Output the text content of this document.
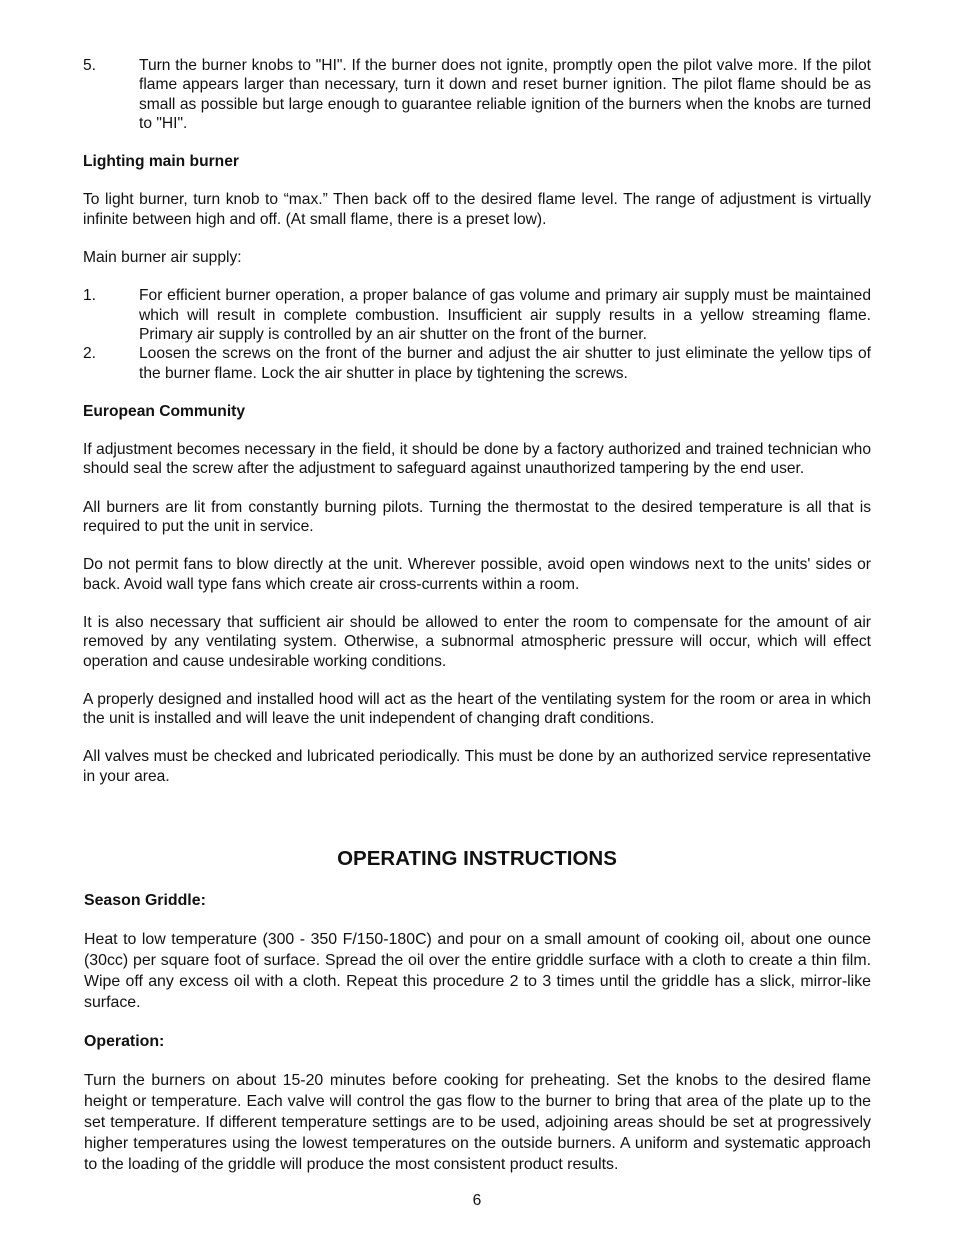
5.	Turn the burner knobs to "HI". If the burner does not ignite, promptly open the pilot valve more. If the pilot flame appears larger than necessary, turn it down and reset burner ignition. The pilot flame should be as small as possible but large enough to guarantee reliable ignition of the burners when the knobs are turned to "HI".

Lighting main burner

To light burner, turn knob to “max.” Then back off to the desired flame level. The range of adjustment is virtually infinite between high and off. (At small flame, there is a preset low).

Main burner air supply:

1.	For efficient burner operation, a proper balance of gas volume and primary air supply must be maintained which will result in complete combustion. Insufficient air supply results in a yellow streaming flame. Primary air supply is controlled by an air shutter on the front of the burner.
2.	Loosen the screws on the front of the burner and adjust the air shutter to just eliminate the yellow tips of the burner flame. Lock the air shutter in place by tightening the screws.

European Community

If adjustment becomes necessary in the field, it should be done by a factory authorized and trained technician who should seal the screw after the adjustment to safeguard against unauthorized tampering by the end user.

All burners are lit from constantly burning pilots. Turning the thermostat to the desired temperature is all that is required to put the unit in service.

Do not permit fans to blow directly at the unit. Wherever possible, avoid open windows next to the units' sides or back. Avoid wall type fans which create air cross-currents within a room.

It is also necessary that sufficient air should be allowed to enter the room to compensate for the amount of air removed by any ventilating system. Otherwise, a subnormal atmospheric pressure will occur, which will effect operation and cause undesirable working conditions.

A properly designed and installed hood will act as the heart of the ventilating system for the room or area in which the unit is installed and will leave the unit independent of changing draft conditions.

All valves must be checked and lubricated periodically. This must be done by an authorized service representative in your area.

OPERATING INSTRUCTIONS

Season Griddle:

Heat to low temperature (300 - 350 F/150-180C) and pour on a small amount of cooking oil, about one ounce (30cc) per square foot of surface. Spread the oil over the entire griddle surface with a cloth to create a thin film. Wipe off any excess oil with a cloth. Repeat this procedure 2 to 3 times until the griddle has a slick, mirror-like surface.

Operation:

Turn the burners on about 15-20 minutes before cooking for preheating. Set the knobs to the desired flame height or temperature. Each valve will control the gas flow to the burner to bring that area of the plate up to the set temperature. If different temperature settings are to be used, adjoining areas should be set at progressively higher temperatures using the lowest temperatures on the outside burners. A uniform and systematic approach to the loading of the griddle will produce the most consistent product results.

6
